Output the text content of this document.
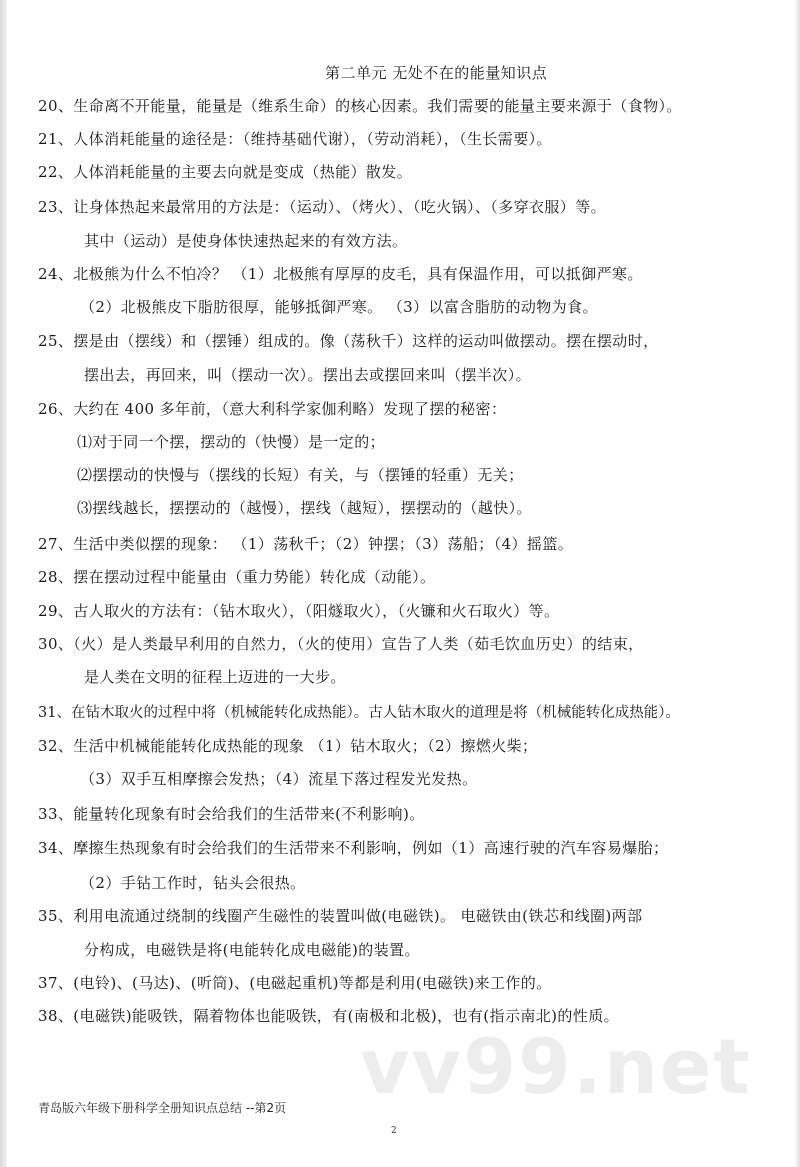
第二单元 无处不在的能量知识点
20、生命离不开能量，能量是（维系生命）的核心因素。我们需要的能量主要来源于（食物）。
21、人体消耗能量的途径是：（维持基础代谢），（劳动消耗），（生长需要）。
22、人体消耗能量的主要去向就是变成（热能）散发。
23、让身体热起来最常用的方法是：（运动）、（烤火）、（吃火锅）、（多穿衣服）等。
其中（运动）是使身体快速热起来的有效方法。
24、北极熊为什么不怕冷？ （1）北极熊有厚厚的皮毛，具有保温作用，可以抵御严寒。
（2）北极熊皮下脂肪很厚，能够抵御严寒。 （3）以富含脂肪的动物为食。
25、摆是由（摆线）和（摆锤）组成的。像（荡秋千）这样的运动叫做摆动。摆在摆动时，
摆出去，再回来，叫（摆动一次）。摆出去或摆回来叫（摆半次）。
26、大约在 400 多年前，（意大利科学家伽利略）发现了摆的秘密：
⑴对于同一个摆，摆动的（快慢）是一定的；
⑵摆摆动的快慢与（摆线的长短）有关，与（摆锤的轻重）无关；
⑶摆线越长，摆摆动的（越慢），摆线（越短），摆摆动的（越快）。
27、生活中类似摆的现象： （1）荡秋千；（2）钟摆；（3）荡船；（4）摇篮。
28、摆在摆动过程中能量由（重力势能）转化成（动能）。
29、古人取火的方法有：（钻木取火），（阳燧取火），（火镰和火石取火）等。
30、（火）是人类最早利用的自然力，（火的使用）宣告了人类（茹毛饮血历史）的结束，
是人类在文明的征程上迈进的一大步。
31、在钻木取火的过程中将（机械能转化成热能）。古人钻木取火的道理是将（机械能转化成热能）。
32、生活中机械能能转化成热能的现象 （1）钻木取火；（2）擦燃火柴；
（3）双手互相摩擦会发热；（4）流星下落过程发光发热。
33、能量转化现象有时会给我们的生活带来(不利影响)。
34、摩擦生热现象有时会给我们的生活带来不利影响，例如（1）高速行驶的汽车容易爆胎；
（2）手钻工作时，钻头会很热。
35、利用电流通过绕制的线圈产生磁性的装置叫做(电磁铁)。 电磁铁由(铁芯和线圈)两部
分构成，电磁铁是将(电能转化成电磁能)的装置。
37、(电铃)、(马达)、(听筒)、(电磁起重机)等都是利用(电磁铁)来工作的。
38、(电磁铁)能吸铁，隔着物体也能吸铁，有(南极和北极)，也有(指示南北)的性质。
vv99.net
青岛版六年级下册科学全册知识点总结 --第2页
2
